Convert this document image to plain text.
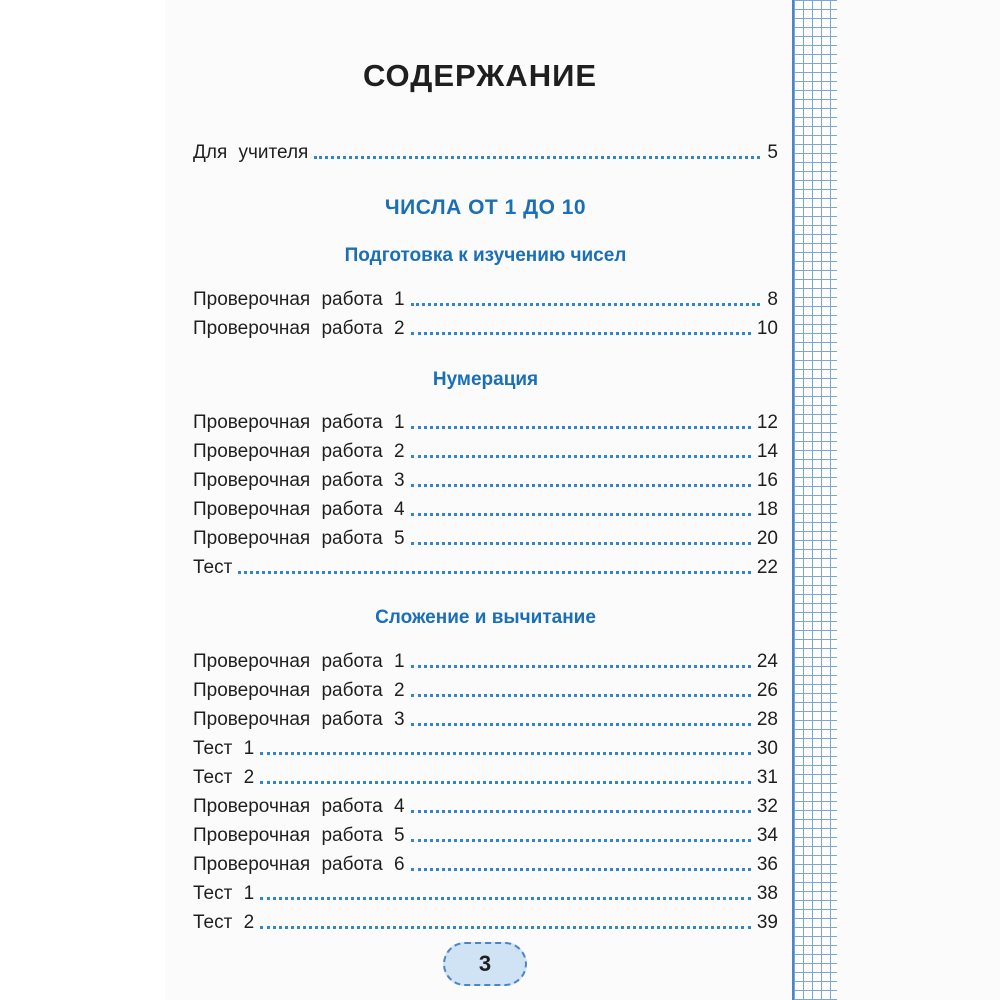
СОДЕРЖАНИЕ
Для учителя	5
ЧИСЛА ОТ 1 ДО 10
Подготовка к изучению чисел
Проверочная работа 1	8
Проверочная работа 2	10
Нумерация
Проверочная работа 1	12
Проверочная работа 2	14
Проверочная работа 3	16
Проверочная работа 4	18
Проверочная работа 5	20
Тест	22
Сложение и вычитание
Проверочная работа 1	24
Проверочная работа 2	26
Проверочная работа 3	28
Тест 1	30
Тест 2	31
Проверочная работа 4	32
Проверочная работа 5	34
Проверочная работа 6	36
Тест 1	38
Тест 2	39
3
